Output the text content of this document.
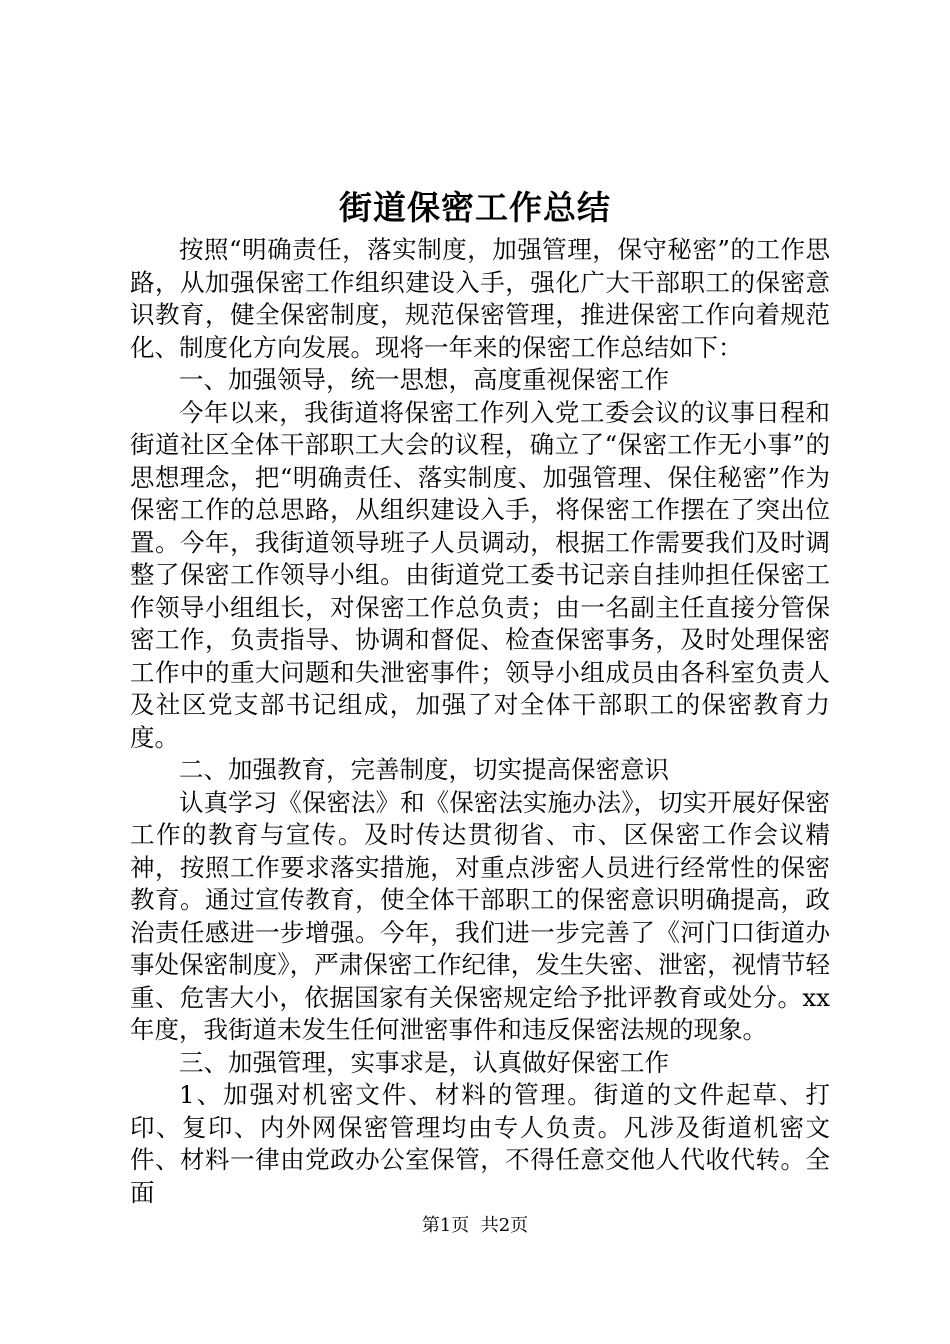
街道保密工作总结

按照“明确责任，落实制度，加强管理，保守秘密”的工作思路，从加强保密工作组织建设入手，强化广大干部职工的保密意识教育，健全保密制度，规范保密管理，推进保密工作向着规范化、制度化方向发展。现将一年来的保密工作总结如下：

一、加强领导，统一思想，高度重视保密工作

今年以来，我街道将保密工作列入党工委会议的议事日程和街道社区全体干部职工大会的议程，确立了“保密工作无小事”的思想理念，把“明确责任、落实制度、加强管理、保住秘密”作为保密工作的总思路，从组织建设入手，将保密工作摆在了突出位置。今年，我街道领导班子人员调动，根据工作需要我们及时调整了保密工作领导小组。由街道党工委书记亲自挂帅担任保密工作领导小组组长，对保密工作总负责；由一名副主任直接分管保密工作，负责指导、协调和督促、检查保密事务，及时处理保密工作中的重大问题和失泄密事件；领导小组成员由各科室负责人及社区党支部书记组成，加强了对全体干部职工的保密教育力度。

二、加强教育，完善制度，切实提高保密意识

认真学习《保密法》和《保密法实施办法》，切实开展好保密工作的教育与宣传。及时传达贯彻省、市、区保密工作会议精神，按照工作要求落实措施，对重点涉密人员进行经常性的保密教育。通过宣传教育，使全体干部职工的保密意识明确提高，政治责任感进一步增强。今年，我们进一步完善了《河门口街道办事处保密制度》，严肃保密工作纪律，发生失密、泄密，视情节轻重、危害大小，依据国家有关保密规定给予批评教育或处分。xx年度，我街道未发生任何泄密事件和违反保密法规的现象。

三、加强管理，实事求是，认真做好保密工作

1、加强对机密文件、材料的管理。街道的文件起草、打印、复印、内外网保密管理均由专人负责。凡涉及街道机密文件、材料一律由党政办公室保管，不得任意交他人代收代转。全面

第1页 共2页
